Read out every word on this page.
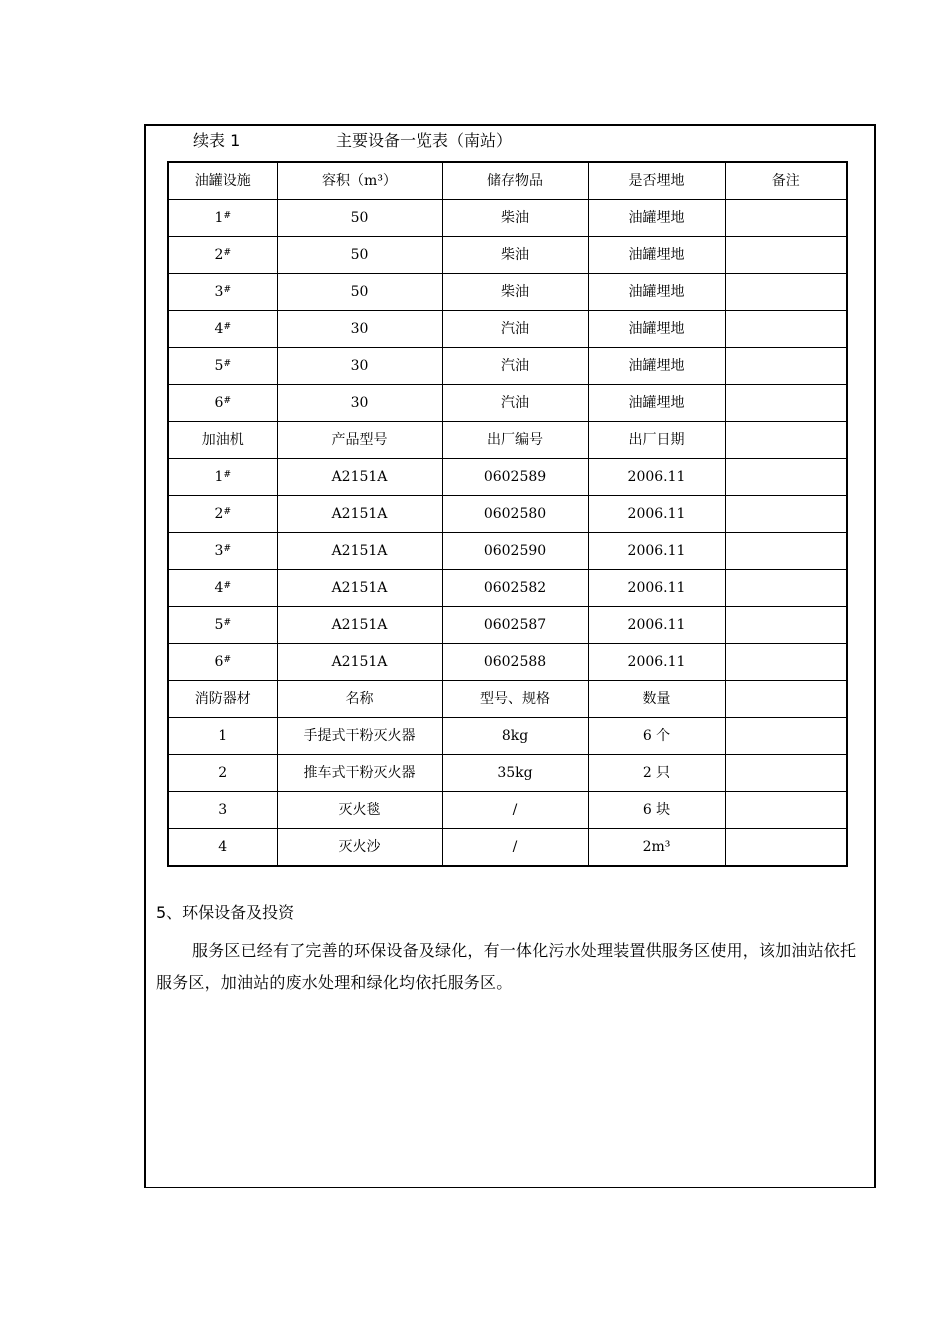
续表 1	主要设备一览表（南站）
油罐设施	容积（m³）	储存物品	是否埋地	备注
1#	50	柴油	油罐埋地	
2#	50	柴油	油罐埋地	
3#	50	柴油	油罐埋地	
4#	30	汽油	油罐埋地	
5#	30	汽油	油罐埋地	
6#	30	汽油	油罐埋地	
加油机	产品型号	出厂编号	出厂日期	
1#	A2151A	0602589	2006.11	
2#	A2151A	0602580	2006.11	
3#	A2151A	0602590	2006.11	
4#	A2151A	0602582	2006.11	
5#	A2151A	0602587	2006.11	
6#	A2151A	0602588	2006.11	
消防器材	名称	型号、规格	数量	
1	手提式干粉灭火器	8kg	6 个	
2	推车式干粉灭火器	35kg	2 只	
3	灭火毯	/	6 块	
4	灭火沙	/	2m³	
5、环保设备及投资
服务区已经有了完善的环保设备及绿化，有一体化污水处理装置供服务区使用，该加油站依托服务区，加油站的废水处理和绿化均依托服务区。
